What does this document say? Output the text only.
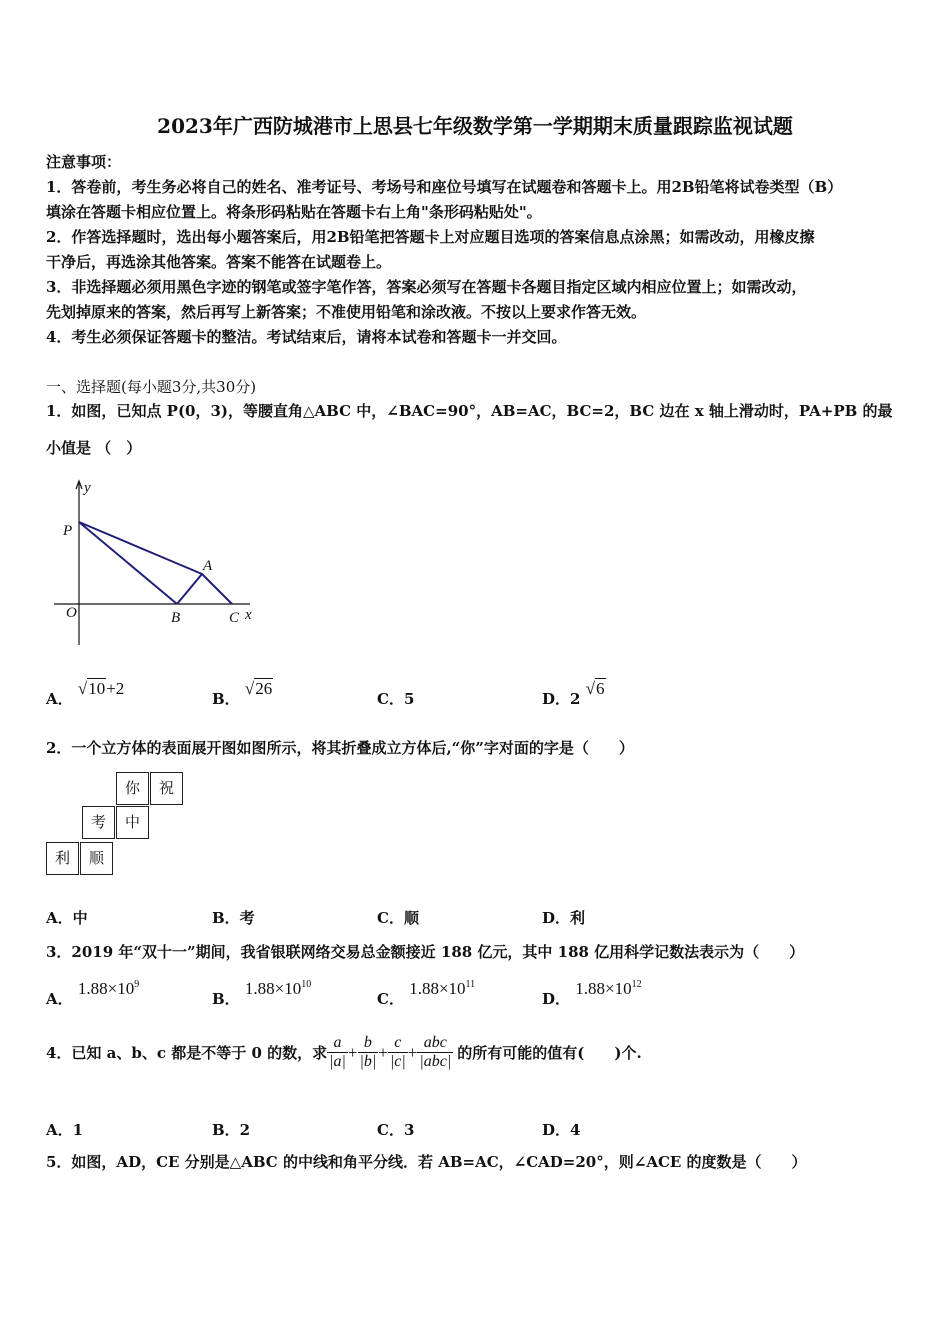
2023年广西防城港市上思县七年级数学第一学期期末质量跟踪监视试题
注意事项：
1．答卷前，考生务必将自己的姓名、准考证号、考场号和座位号填写在试题卷和答题卡上。用2B铅笔将试卷类型（B）
填涂在答题卡相应位置上。将条形码粘贴在答题卡右上角"条形码粘贴处"。
2．作答选择题时，选出每小题答案后，用2B铅笔把答题卡上对应题目选项的答案信息点涂黑；如需改动，用橡皮擦
干净后，再选涂其他答案。答案不能答在试题卷上。
3．非选择题必须用黑色字迹的钢笔或签字笔作答，答案必须写在答题卡各题目指定区域内相应位置上；如需改动，
先划掉原来的答案，然后再写上新答案；不准使用铅笔和涂改液。不按以上要求作答无效。
4．考生必须保证答题卡的整洁。考试结束后，请将本试卷和答题卡一并交回。
一、选择题(每小题3分,共30分)
1．如图，已知点 P(0，3)，等腰直角△ABC 中，∠BAC=90°，AB=AC，BC=2，BC 边在 x 轴上滑动时，PA+PB 的最
小值是 （　）
y
x
P
A
O	B	C
A． √10+2
B． √26
C．5	D．2 √6
2．一个立方体的表面展开图如图所示，将其折叠成立方体后,“你”字对面的字是（　　）
你	祝
考	中
利	顺
A．中	B．考	C．顺	D．利
3．2019 年“双十一”期间，我省银联网络交易总金额接近 188 亿元，其中 188 亿用科学记数法表示为（　　）
A． $1.88\times 10^9$
B． $1.88\times 10^{10}$
C． $1.88\times 10^{11}$
D． $1.88\times 10^{12}$
4．已知 a、b、c 都是不等于 0 的数，求 $\frac{a}{|a|} + \frac{b}{|b|} + \frac{c}{|c|} + \frac{\text{abc}}{\text{|abc|}}$ 的所有可能的值有(　　)个.
A．1	B．2	C．3	D．4
5．如图，AD，CE 分别是△ABC 的中线和角平分线．若 AB=AC，∠CAD=20°，则∠ACE 的度数是（　　）
